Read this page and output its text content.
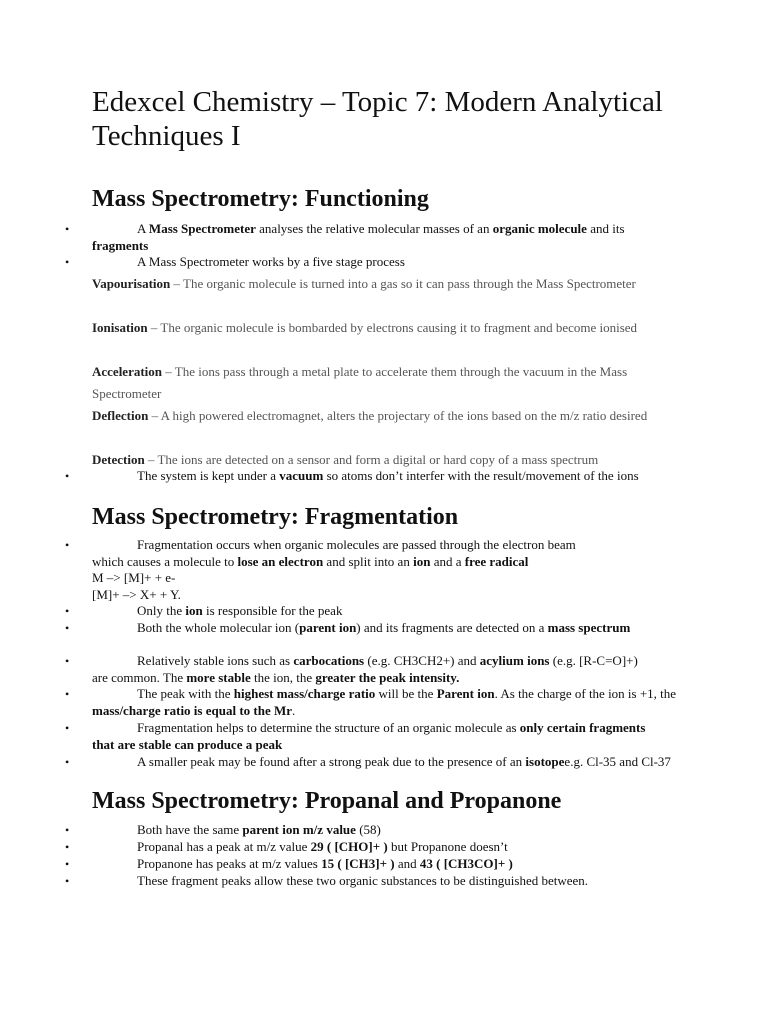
Edexcel Chemistry – Topic 7: Modern Analytical Techniques I
Mass Spectrometry: Functioning
•	A Mass Spectrometer analyses the relative molecular masses of an organic molecule and its fragments
•	A Mass Spectrometer works by a five stage process
Vapourisation – The organic molecule is turned into a gas so it can pass through the Mass Spectrometer
Ionisation – The organic molecule is bombarded by electrons causing it to fragment and become ionised
Acceleration – The ions pass through a metal plate to accelerate them through the vacuum in the Mass Spectrometer
Deflection – A high powered electromagnet, alters the projectary of the ions based on the m/z ratio desired
Detection – The ions are detected on a sensor and form a digital or hard copy of a mass spectrum
•	The system is kept under a vacuum so atoms don’t interfer with the result/movement of the ions
Mass Spectrometry: Fragmentation
•	Fragmentation occurs when organic molecules are passed through the electron beam
which causes a molecule to lose an electron and split into an ion and a free radical
M –> [M]+ + e-
[M]+ –> X+ + Y.
•	Only the ion is responsible for the peak
•	Both the whole molecular ion (parent ion) and its fragments are detected on a mass spectrum
•	Relatively stable ions such as carbocations (e.g. CH3CH2+) and acylium ions (e.g. [R-C=O]+) are common. The more stable the ion, the greater the peak intensity.
•	The peak with the highest mass/charge ratio will be the Parent ion. As the charge of the ion is +1, the mass/charge ratio is equal to the Mr.
•	Fragmentation helps to determine the structure of an organic molecule as only certain fragments that are stable can produce a peak
•	A smaller peak may be found after a strong peak due to the presence of an isotopee.g. Cl-35 and Cl-37
Mass Spectrometry: Propanal and Propanone
•	Both have the same parent ion m/z value (58)
•	Propanal has a peak at m/z value 29 ( [CHO]+ ) but Propanone doesn’t
•	Propanone has peaks at m/z values 15 ( [CH3]+ ) and 43 ( [CH3CO]+ )
•	These fragment peaks allow these two organic substances to be distinguished between.
